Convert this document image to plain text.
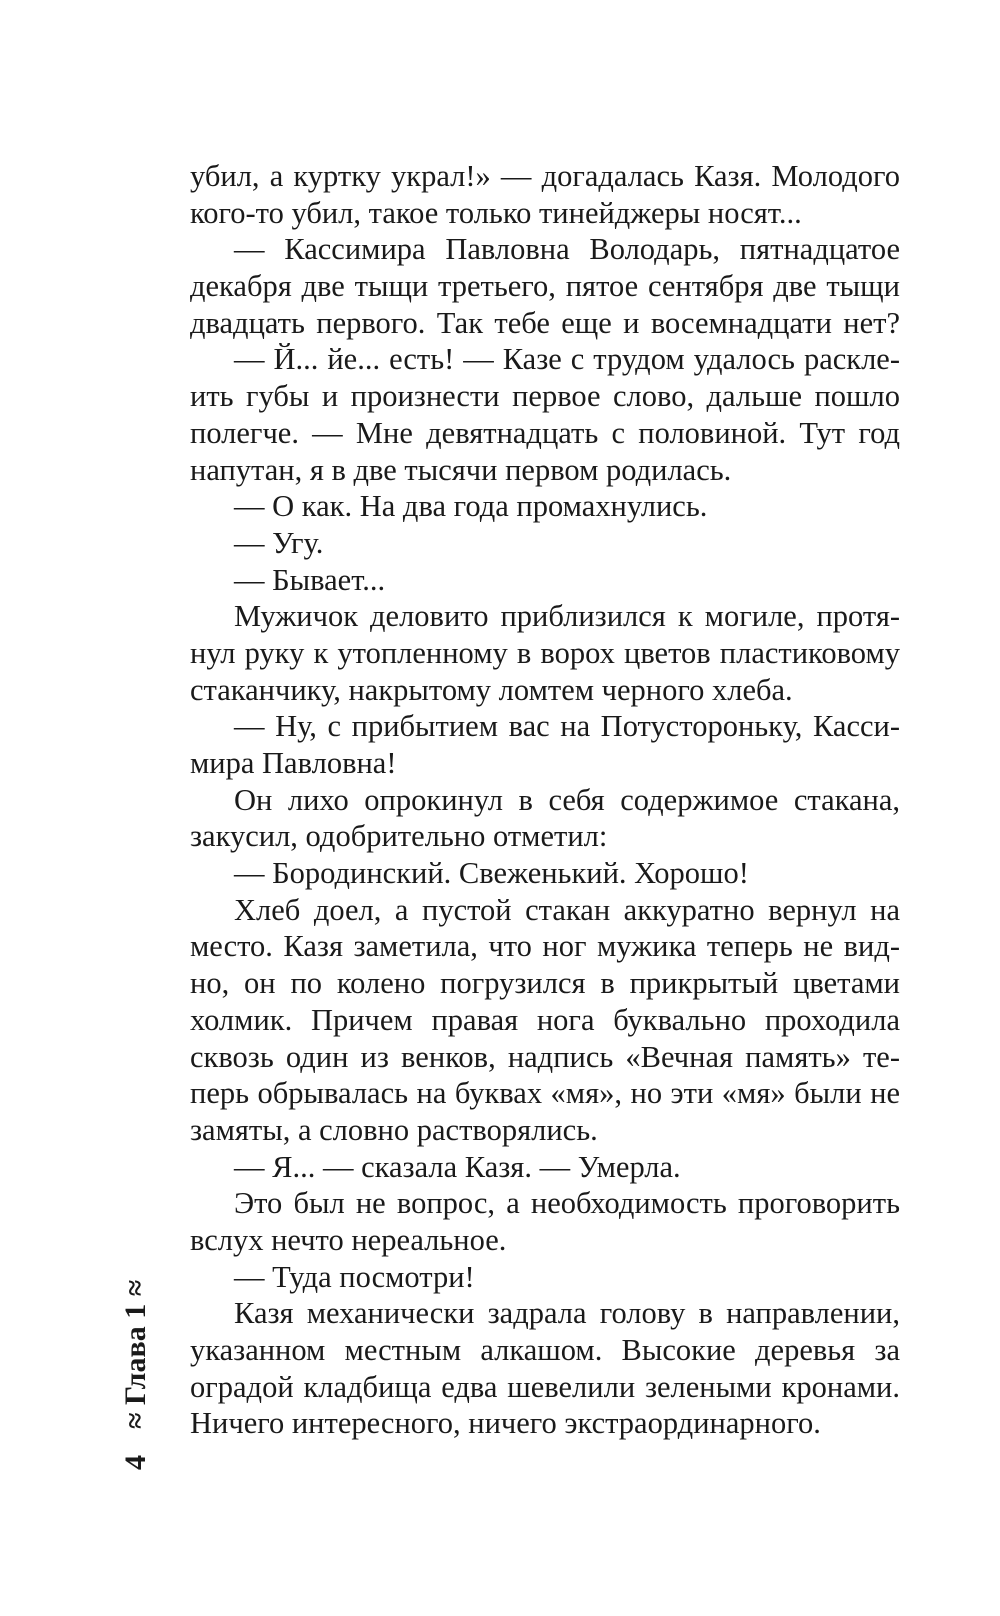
убил, а куртку украл!» — догадалась Казя. Молодого
кого-то убил, такое только тинейджеры носят...
— Кассимира Павловна Володарь, пятнадцатое
декабря две тыщи третьего, пятое сентября две тыщи
двадцать первого. Так тебе еще и восемнадцати нет?
— Й... йе... есть! — Казе с трудом удалось раскле-
ить губы и произнести первое слово, дальше пошло
полегче. — Мне девятнадцать с половиной. Тут год
напутан, я в две тысячи первом родилась.
— О как. На два года промахнулись.
— Угу.
— Бывает...
Мужичок деловито приблизился к могиле, протя-
нул руку к утопленному в ворох цветов пластиковому
стаканчику, накрытому ломтем черного хлеба.
— Ну, с прибытием вас на Потустороньку, Касси-
мира Павловна!
Он лихо опрокинул в себя содержимое стакана,
закусил, одобрительно отметил:
— Бородинский. Свеженький. Хорошо!
Хлеб доел, а пустой стакан аккуратно вернул на
место. Казя заметила, что ног мужика теперь не вид-
но, он по колено погрузился в прикрытый цветами
холмик. Причем правая нога буквально проходила
сквозь один из венков, надпись «Вечная память» те-
перь обрывалась на буквах «мя», но эти «мя» были не
замяты, а словно растворялись.
— Я... — сказала Казя. — Умерла.
Это был не вопрос, а необходимость проговорить
вслух нечто нереальное.
— Туда посмотри!
Казя механически задрала голову в направлении,
указанном местным алкашом. Высокие деревья за
оградой кладбища едва шевелили зелеными кронами.
Ничего интересного, ничего экстраординарного.
4≈ Глава 1 ≈
